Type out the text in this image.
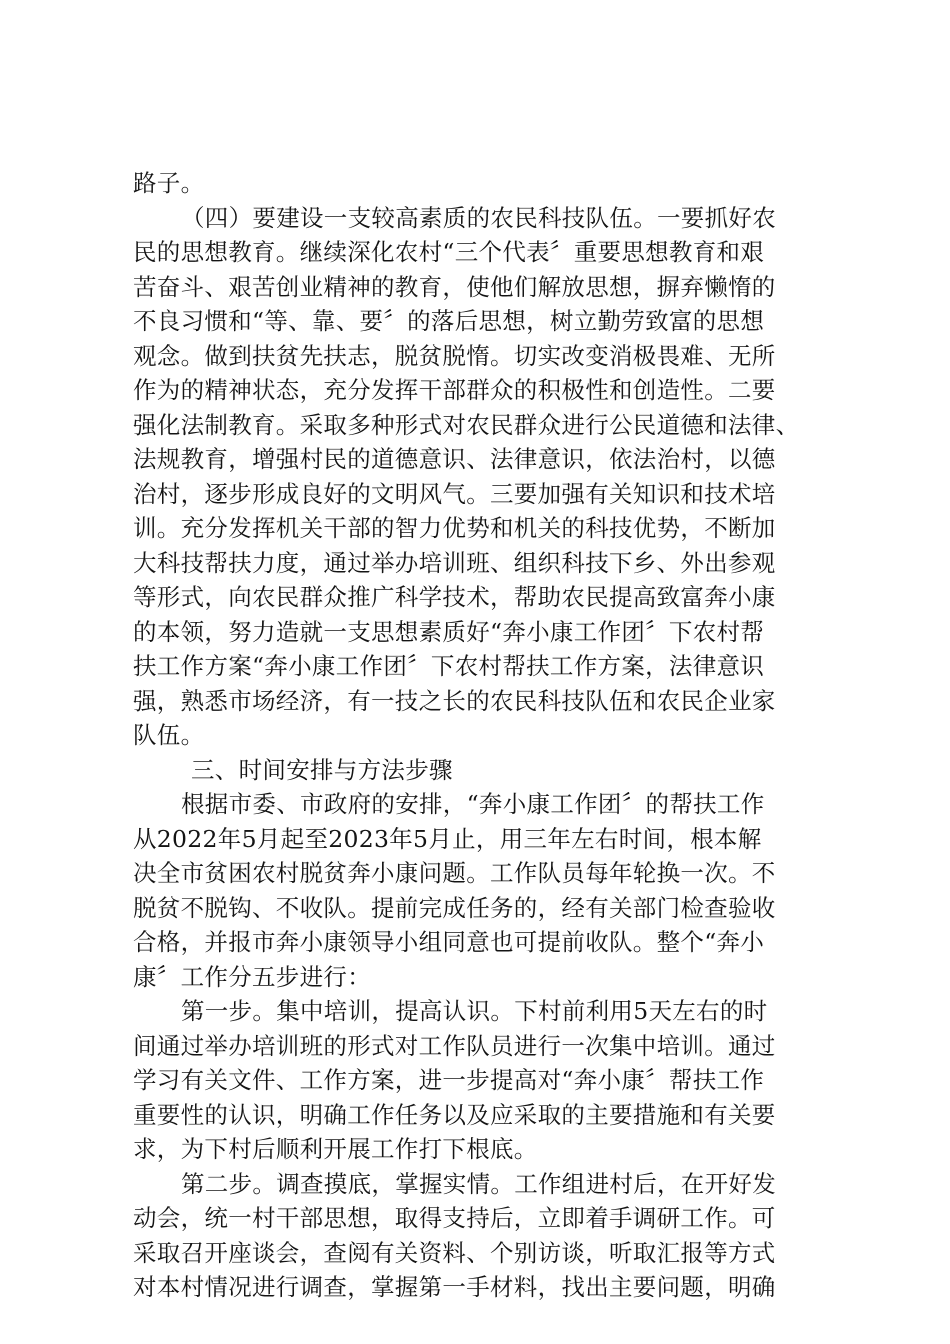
路子。
（四）要建设一支较高素质的农民科技队伍。一要抓好农
民的思想教育。继续深化农村“三个代表〞重要思想教育和艰
苦奋斗、艰苦创业精神的教育，使他们解放思想，摒弃懒惰的
不良习惯和“等、靠、要〞的落后思想，树立勤劳致富的思想
观念。做到扶贫先扶志，脱贫脱惰。切实改变消极畏难、无所
作为的精神状态，充分发挥干部群众的积极性和创造性。二要
强化法制教育。采取多种形式对农民群众进行公民道德和法律、
法规教育，增强村民的道德意识、法律意识，依法治村，以德
治村，逐步形成良好的文明风气。三要加强有关知识和技术培
训。充分发挥机关干部的智力优势和机关的科技优势，不断加
大科技帮扶力度，通过举办培训班、组织科技下乡、外出参观
等形式，向农民群众推广科学技术，帮助农民提高致富奔小康
的本领，努力造就一支思想素质好“奔小康工作团〞下农村帮
扶工作方案“奔小康工作团〞下农村帮扶工作方案，法律意识
强，熟悉市场经济，有一技之长的农民科技队伍和农民企业家
队伍。
三、时间安排与方法步骤
根据市委、市政府的安排，“奔小康工作团〞的帮扶工作
从2022年5月起至2023年5月止，用三年左右时间，根本解
决全市贫困农村脱贫奔小康问题。工作队员每年轮换一次。不
脱贫不脱钩、不收队。提前完成任务的，经有关部门检查验收
合格，并报市奔小康领导小组同意也可提前收队。整个“奔小
康〞工作分五步进行：
第一步。集中培训，提高认识。下村前利用5天左右的时
间通过举办培训班的形式对工作队员进行一次集中培训。通过
学习有关文件、工作方案，进一步提高对“奔小康〞帮扶工作
重要性的认识，明确工作任务以及应采取的主要措施和有关要
求，为下村后顺利开展工作打下根底。
第二步。调查摸底，掌握实情。工作组进村后，在开好发
动会，统一村干部思想，取得支持后，立即着手调研工作。可
采取召开座谈会，查阅有关资料、个别访谈，听取汇报等方式
对本村情况进行调查，掌握第一手材料，找出主要问题，明确
